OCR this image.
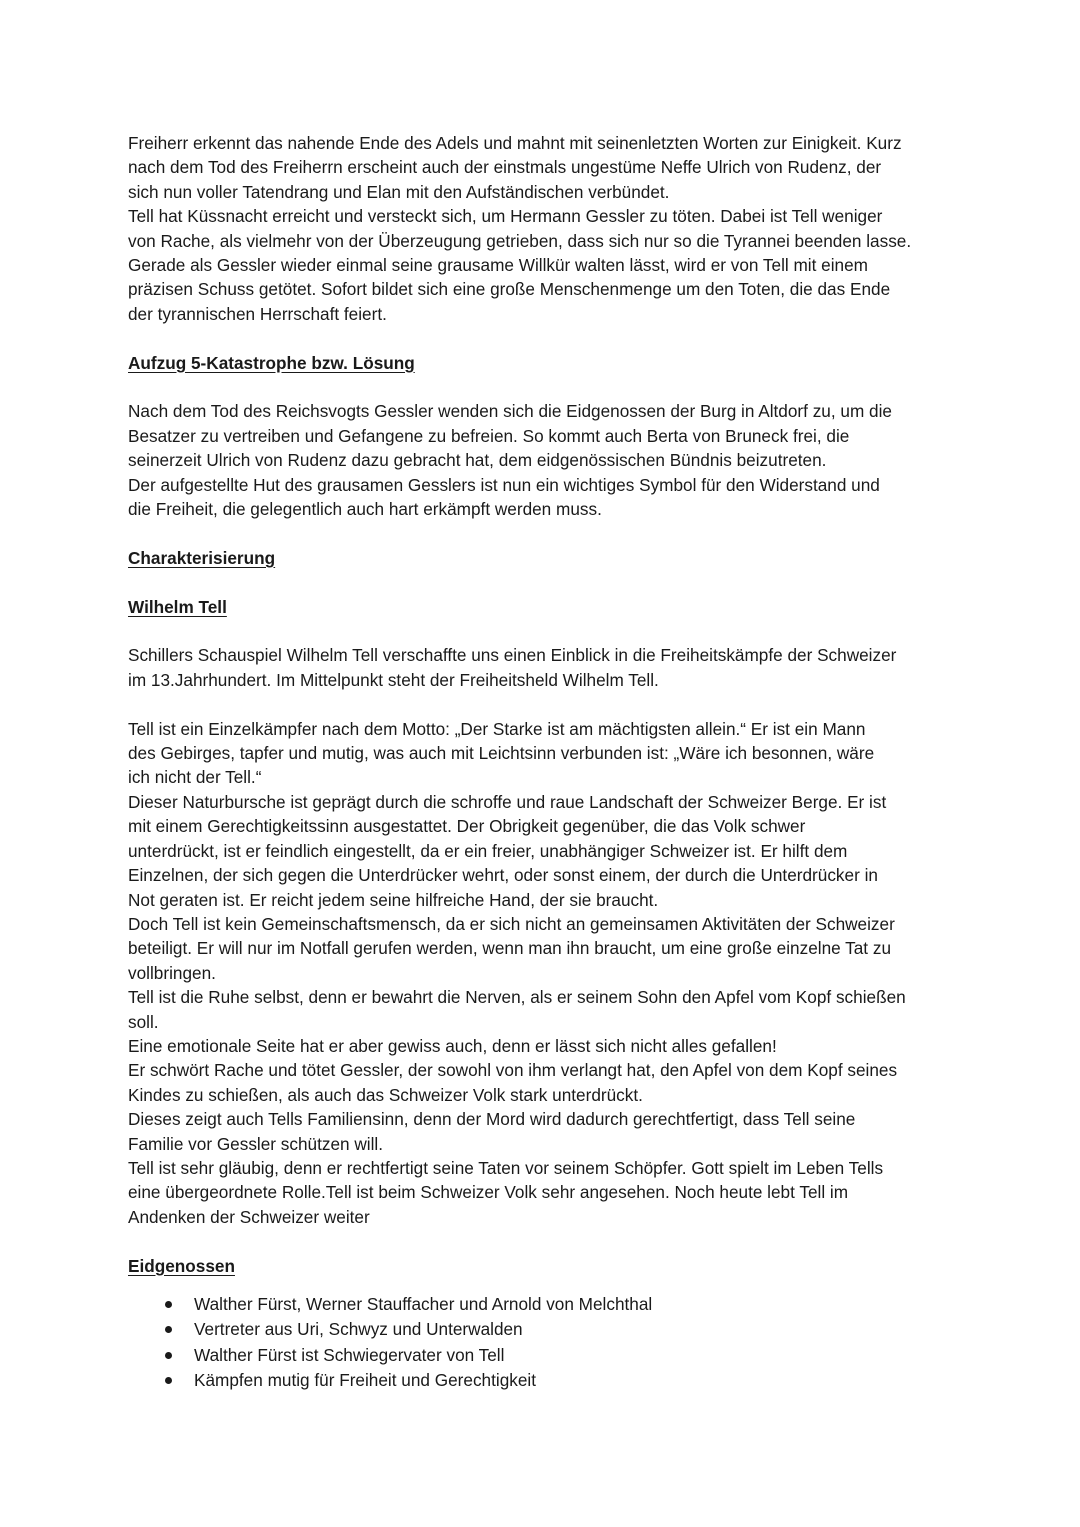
Freiherr erkennt das nahende Ende des Adels und mahnt mit seinenletzten Worten zur Einigkeit. Kurz
nach dem Tod des Freiherrn erscheint auch der einstmals ungestüme Neffe Ulrich von Rudenz, der
sich nun voller Tatendrang und Elan mit den Aufständischen verbündet.
Tell hat Küssnacht erreicht und versteckt sich, um Hermann Gessler zu töten. Dabei ist Tell weniger
von Rache, als vielmehr von der Überzeugung getrieben, dass sich nur so die Tyrannei beenden lasse.
Gerade als Gessler wieder einmal seine grausame Willkür walten lässt, wird er von Tell mit einem
präzisen Schuss getötet. Sofort bildet sich eine große Menschenmenge um den Toten, die das Ende
der tyrannischen Herrschaft feiert.
Aufzug 5-Katastrophe bzw. Lösung
Nach dem Tod des Reichsvogts Gessler wenden sich die Eidgenossen der Burg in Altdorf zu, um die
Besatzer zu vertreiben und Gefangene zu befreien. So kommt auch Berta von Bruneck frei, die
seinerzeit Ulrich von Rudenz dazu gebracht hat, dem eidgenössischen Bündnis beizutreten.
Der aufgestellte Hut des grausamen Gesslers ist nun ein wichtiges Symbol für den Widerstand und
die Freiheit, die gelegentlich auch hart erkämpft werden muss.
Charakterisierung
Wilhelm Tell
Schillers Schauspiel Wilhelm Tell verschaffte uns einen Einblick in die Freiheitskämpfe der Schweizer
im 13.Jahrhundert. Im Mittelpunkt steht der Freiheitsheld Wilhelm Tell.
Tell ist ein Einzelkämpfer nach dem Motto: „Der Starke ist am mächtigsten allein.“ Er ist ein Mann
des Gebirges, tapfer und mutig, was auch mit Leichtsinn verbunden ist: „Wäre ich besonnen, wäre
ich nicht der Tell.“
Dieser Naturbursche ist geprägt durch die schroffe und raue Landschaft der Schweizer Berge. Er ist
mit einem Gerechtigkeitssinn ausgestattet. Der Obrigkeit gegenüber, die das Volk schwer
unterdrückt, ist er feindlich eingestellt, da er ein freier, unabhängiger Schweizer ist. Er hilft dem
Einzelnen, der sich gegen die Unterdrücker wehrt, oder sonst einem, der durch die Unterdrücker in
Not geraten ist. Er reicht jedem seine hilfreiche Hand, der sie braucht.
Doch Tell ist kein Gemeinschaftsmensch, da er sich nicht an gemeinsamen Aktivitäten der Schweizer
beteiligt. Er will nur im Notfall gerufen werden, wenn man ihn braucht, um eine große einzelne Tat zu
vollbringen.
Tell ist die Ruhe selbst, denn er bewahrt die Nerven, als er seinem Sohn den Apfel vom Kopf schießen
soll.
Eine emotionale Seite hat er aber gewiss auch, denn er lässt sich nicht alles gefallen!
Er schwört Rache und tötet Gessler, der sowohl von ihm verlangt hat, den Apfel von dem Kopf seines
Kindes zu schießen, als auch das Schweizer Volk stark unterdrückt.
Dieses zeigt auch Tells Familiensinn, denn der Mord wird dadurch gerechtfertigt, dass Tell seine
Familie vor Gessler schützen will.
Tell ist sehr gläubig, denn er rechtfertigt seine Taten vor seinem Schöpfer. Gott spielt im Leben Tells
eine übergeordnete Rolle.Tell ist beim Schweizer Volk sehr angesehen. Noch heute lebt Tell im
Andenken der Schweizer weiter
Eidgenossen
Walther Fürst, Werner Stauffacher und Arnold von Melchthal
Vertreter aus Uri, Schwyz und Unterwalden
Walther Fürst ist Schwiegervater von Tell
Kämpfen mutig für Freiheit und Gerechtigkeit
